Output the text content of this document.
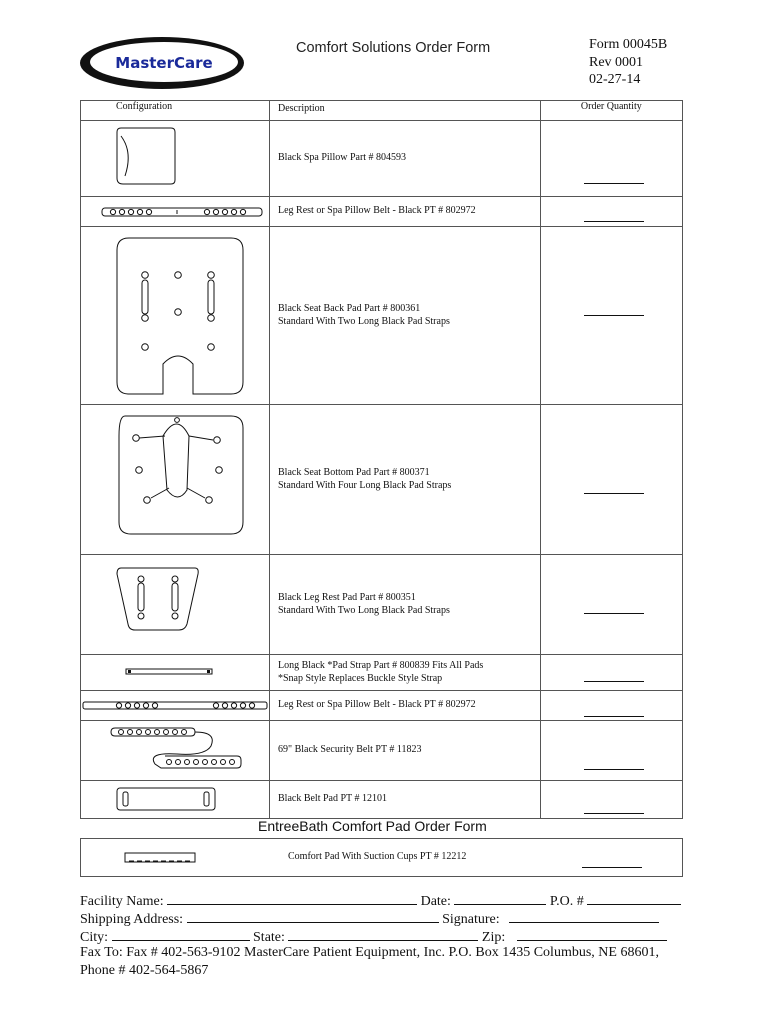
MasterCare
Comfort Solutions Order Form	Form 00045B
Rev 0001
02-27-14
Configuration	Description	Order Quantity

Black Spa Pillow Part # 804593	

Leg Rest or Spa Pillow Belt - Black PT # 802972	

Black Seat Back Pad Part # 800361
Standard With Two Long Black Pad Straps	

Black Seat Bottom Pad Part # 800371
Standard With Four Long Black Pad Straps	

Black Leg Rest Pad Part # 800351
Standard With Two Long Black Pad Straps	

Long Black *Pad Strap Part # 800839 Fits All Pads
*Snap Style Replaces Buckle Style Strap	

Leg Rest or Spa Pillow Belt - Black PT # 802972	

69" Black Security Belt PT # 11823	

Black Belt Pad PT # 12101	

EntreeBath Comfort Pad Order Form
Comfort Pad With Suction Cups PT # 12212
Facility Name:	Date:	P.O. #
Shipping Address:	Signature:
City:	State:	Zip:
Fax To: Fax # 402-563-9102 MasterCare Patient Equipment, Inc. P.O. Box 1435 Columbus, NE 68601, Phone # 402-564-5867
